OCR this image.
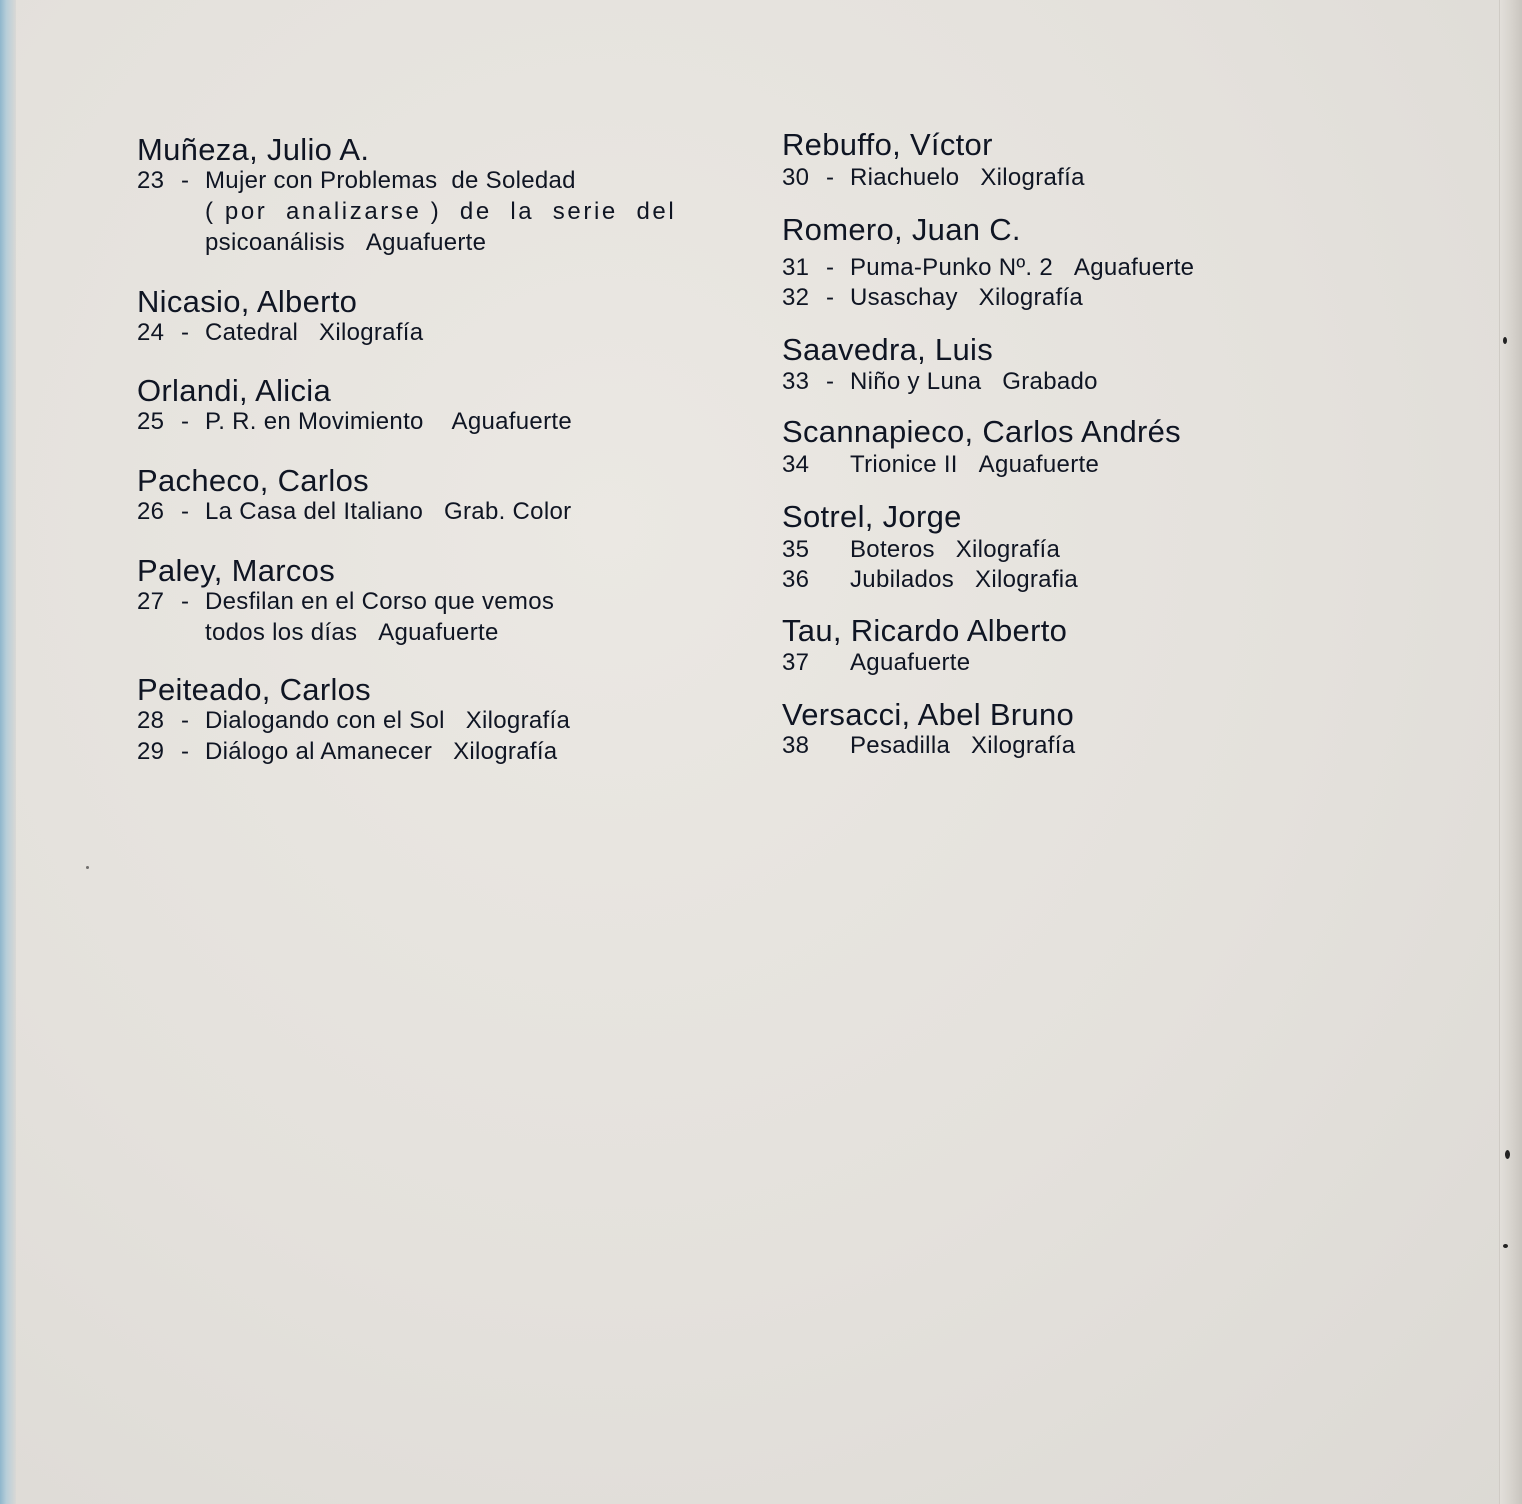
Muñeza, Julio A.
23 - Mujer con Problemas  de Soledad
( por  analizarse )  de  la  serie  del
psicoanálisis   Aguafuerte
Nicasio, Alberto
24 - Catedral   Xilografía
Orlandi, Alicia
25 - P. R. en Movimiento    Aguafuerte
Pacheco, Carlos
26 - La Casa del Italiano   Grab. Color
Paley, Marcos
27 - Desfilan en el Corso que vemos
todos los días   Aguafuerte
Peiteado, Carlos
28 - Dialogando con el Sol   Xilografía
29 - Diálogo al Amanecer   Xilografía
Rebuffo, Víctor
30 - Riachuelo   Xilografía
Romero, Juan C.
31 - Puma-Punko Nº. 2   Aguafuerte
32 - Usaschay   Xilografía
Saavedra, Luis
33 - Niño y Luna   Grabado
Scannapieco, Carlos Andrés
34 Trionice II   Aguafuerte
Sotrel, Jorge
35 Boteros   Xilografía
36 Jubilados   Xilografia
Tau, Ricardo Alberto
37 Aguafuerte
Versacci, Abel Bruno
38 Pesadilla   Xilografía
